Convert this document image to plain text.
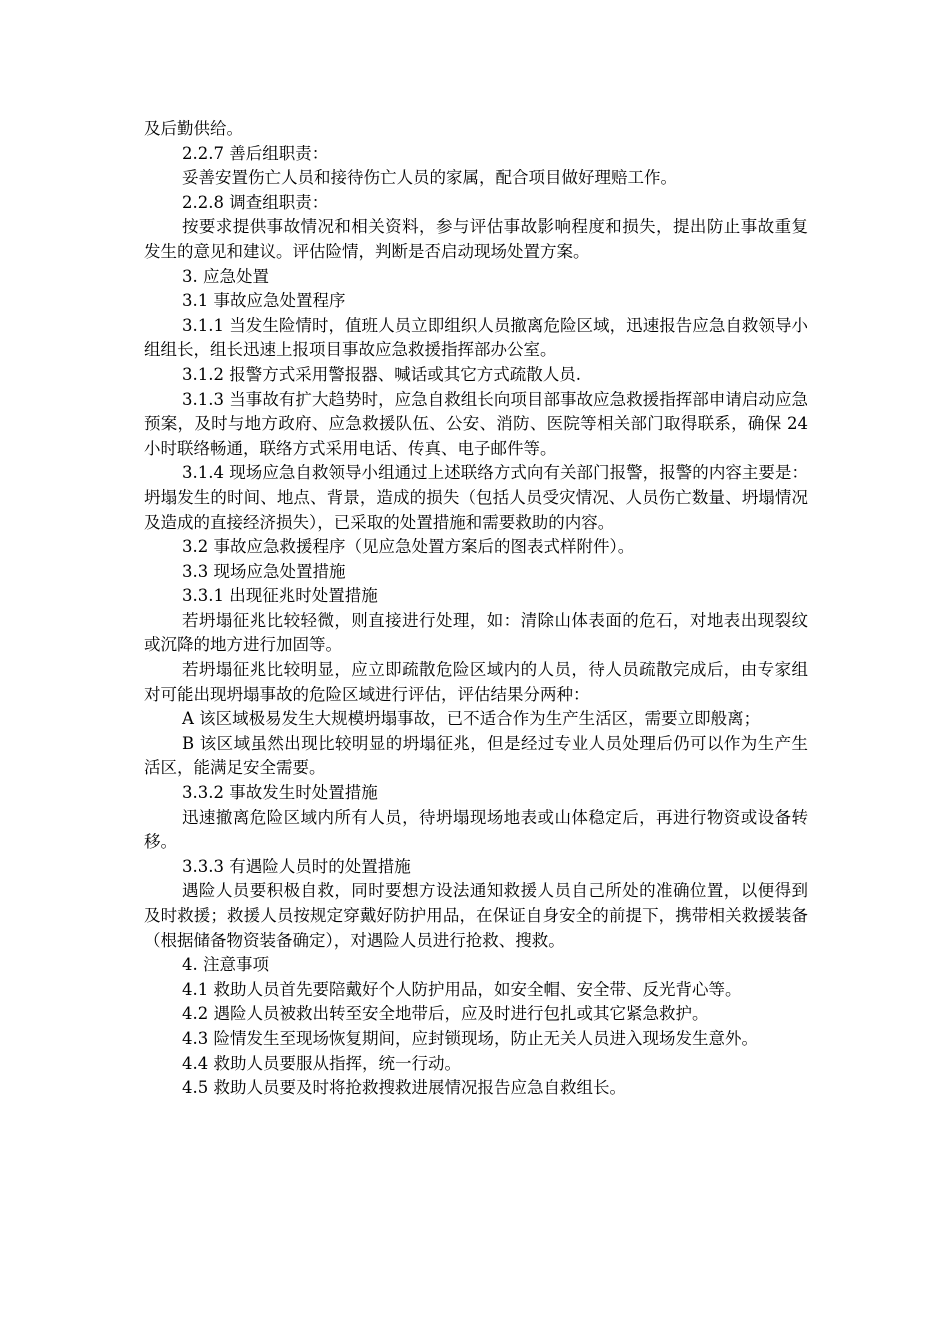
及后勤供给。

2.2.7 善后组职责：

妥善安置伤亡人员和接待伤亡人员的家属，配合项目做好理赔工作。

2.2.8 调查组职责：

按要求提供事故情况和相关资料，参与评估事故影响程度和损失，提出防止事故重复发生的意见和建议。评估险情，判断是否启动现场处置方案。

3. 应急处置

3.1 事故应急处置程序

3.1.1 当发生险情时，值班人员立即组织人员撤离危险区域，迅速报告应急自救领导小组组长，组长迅速上报项目事故应急救援指挥部办公室。

3.1.2 报警方式采用警报器、喊话或其它方式疏散人员.

3.1.3 当事故有扩大趋势时，应急自救组长向项目部事故应急救援指挥部申请启动应急预案，及时与地方政府、应急救援队伍、公安、消防、医院等相关部门取得联系，确保 24 小时联络畅通，联络方式采用电话、传真、电子邮件等。

3.1.4 现场应急自救领导小组通过上述联络方式向有关部门报警，报警的内容主要是：坍塌发生的时间、地点、背景，造成的损失（包括人员受灾情况、人员伤亡数量、坍塌情况及造成的直接经济损失），已采取的处置措施和需要救助的内容。

3.2 事故应急救援程序（见应急处置方案后的图表式样附件）。

3.3 现场应急处置措施

3.3.1 出现征兆时处置措施

若坍塌征兆比较轻微，则直接进行处理，如：清除山体表面的危石，对地表出现裂纹或沉降的地方进行加固等。

若坍塌征兆比较明显，应立即疏散危险区域内的人员，待人员疏散完成后，由专家组对可能出现坍塌事故的危险区域进行评估，评估结果分两种：

A 该区域极易发生大规模坍塌事故，已不适合作为生产生活区，需要立即般离；

B 该区域虽然出现比较明显的坍塌征兆，但是经过专业人员处理后仍可以作为生产生活区，能满足安全需要。

3.3.2 事故发生时处置措施

迅速撤离危险区域内所有人员，待坍塌现场地表或山体稳定后，再进行物资或设备转移。

3.3.3 有遇险人员时的处置措施

遇险人员要积极自救，同时要想方设法通知救援人员自己所处的准确位置，以便得到及时救援；救援人员按规定穿戴好防护用品，在保证自身安全的前提下，携带相关救援装备（根据储备物资装备确定），对遇险人员进行抢救、搜救。

4. 注意事项

4.1 救助人员首先要陪戴好个人防护用品，如安全帽、安全带、反光背心等。

4.2 遇险人员被救出转至安全地带后，应及时进行包扎或其它紧急救护。

4.3 险情发生至现场恢复期间，应封锁现场，防止无关人员进入现场发生意外。

4.4 救助人员要服从指挥，统一行动。

4.5 救助人员要及时将抢救搜救进展情况报告应急自救组长。
